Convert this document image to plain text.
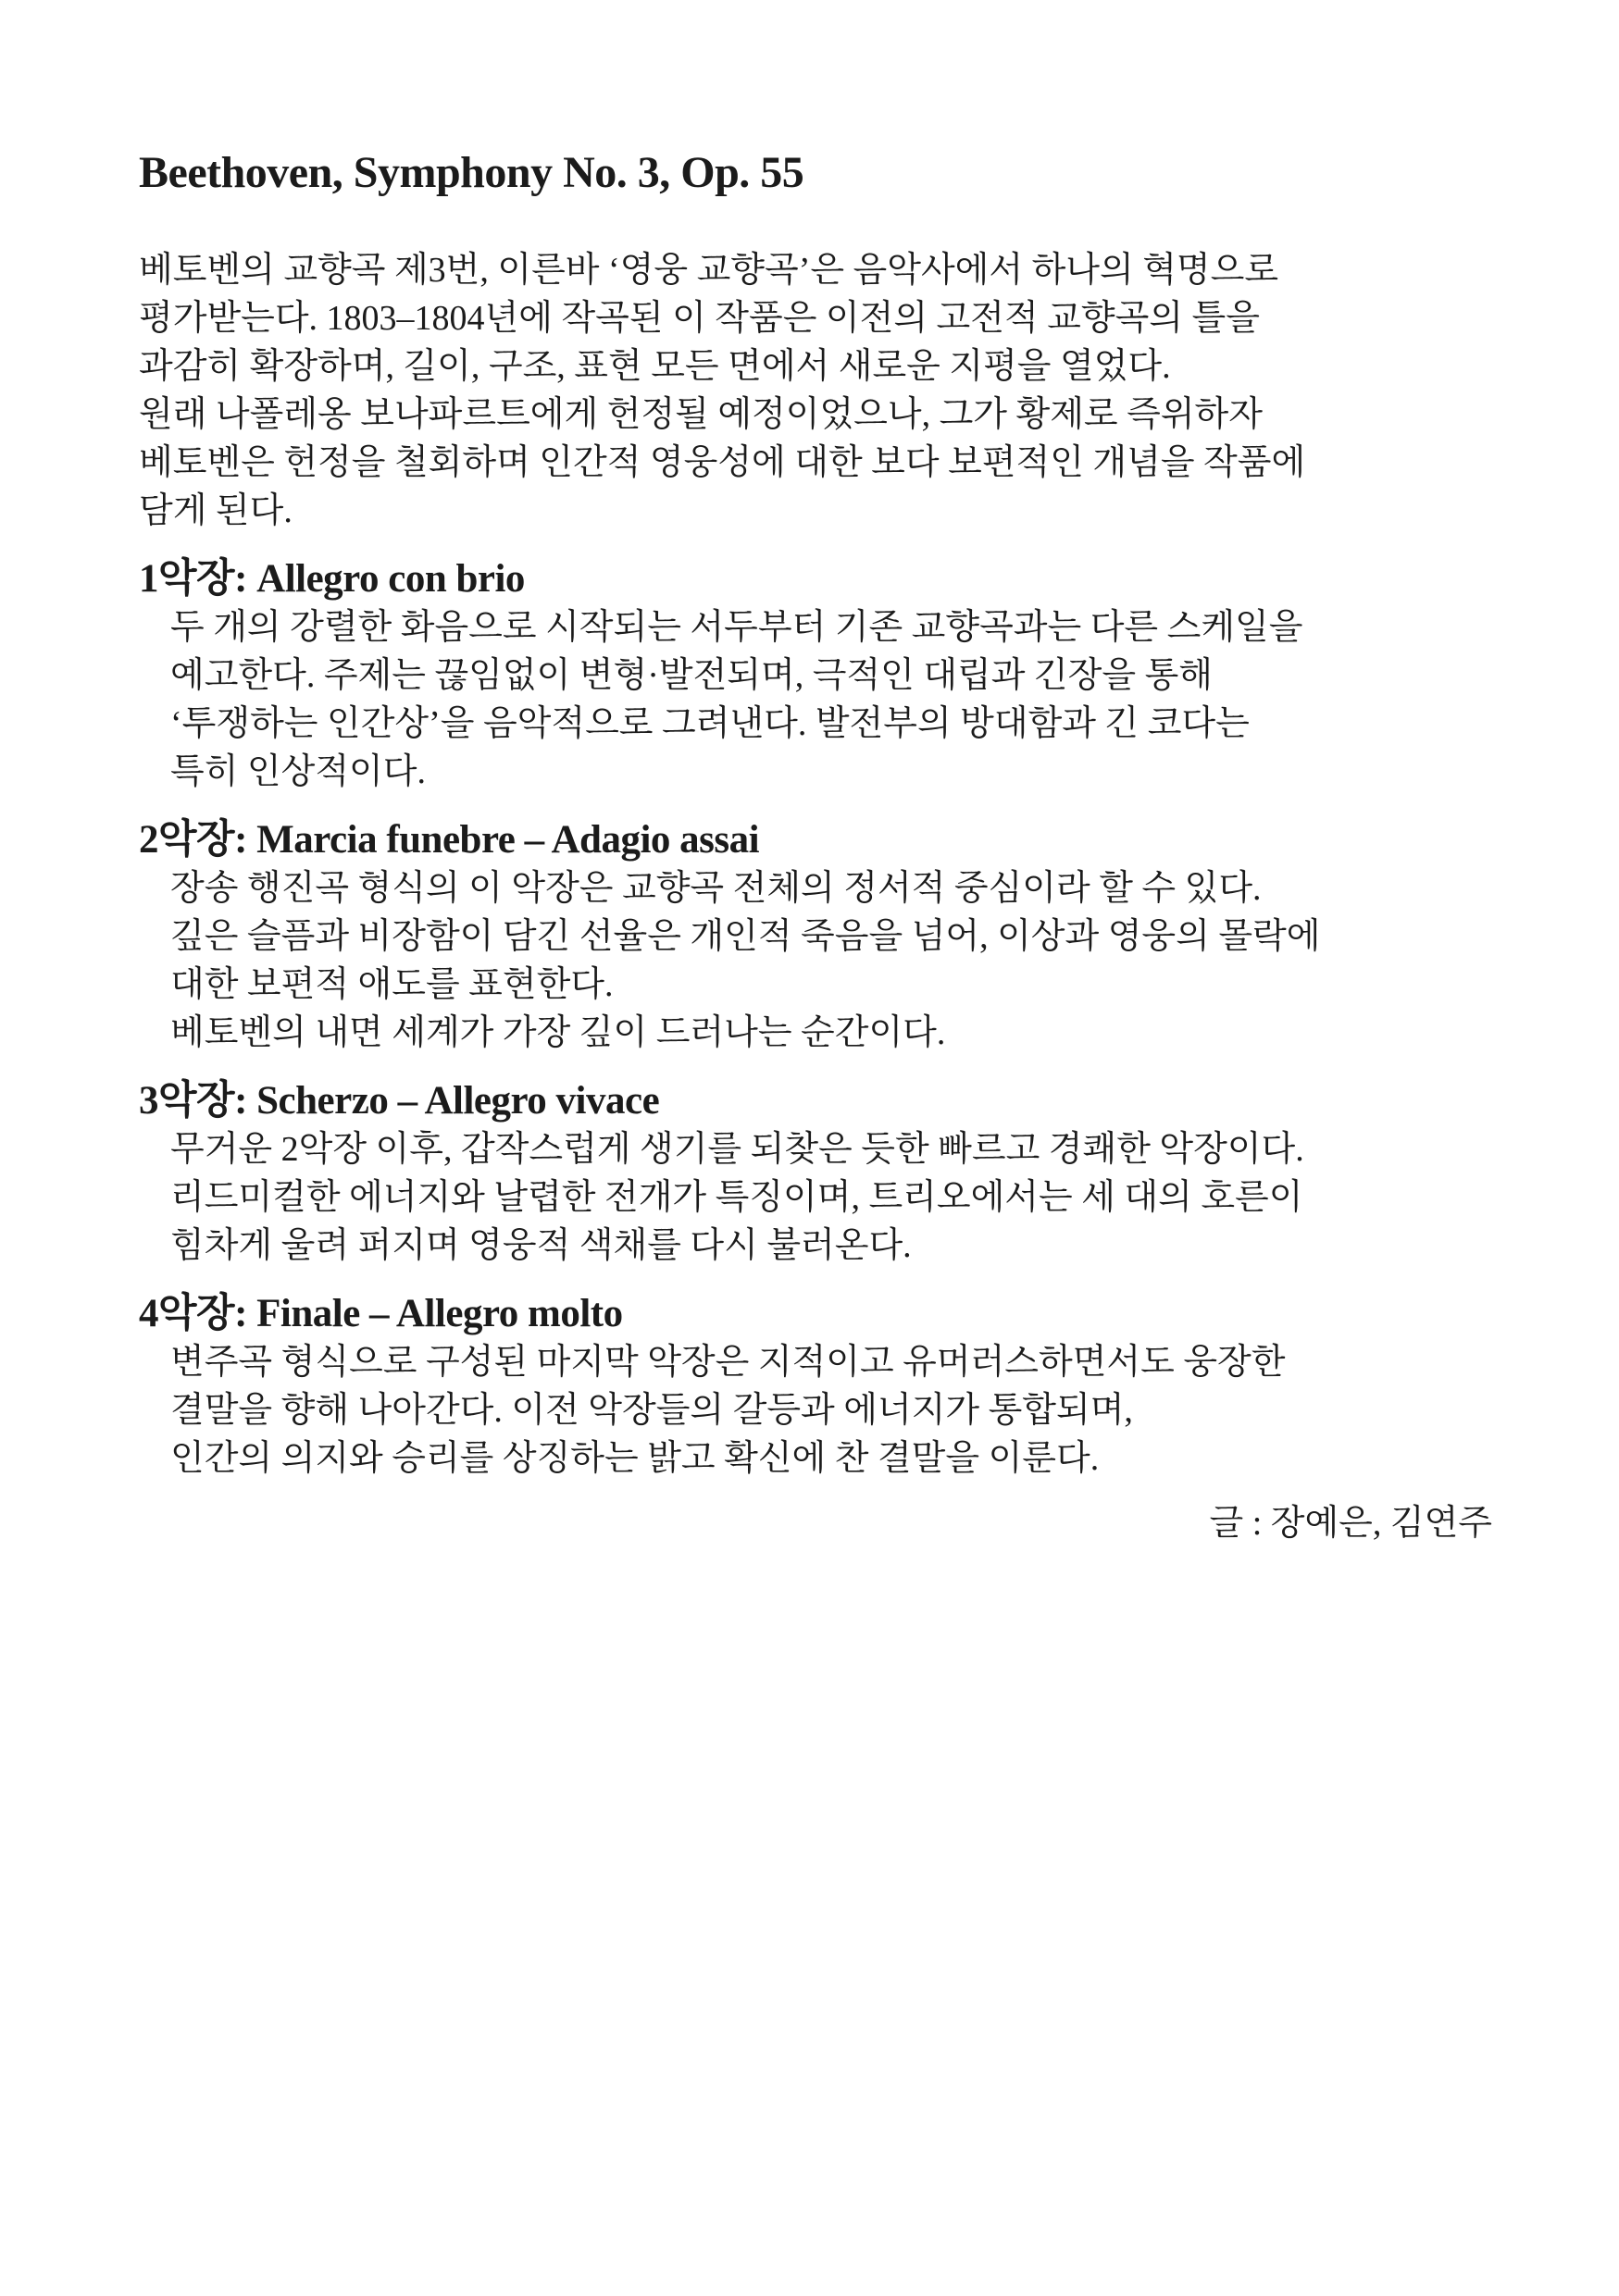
Beethoven, Symphony No. 3, Op. 55

베토벤의 교향곡 제3번, 이른바 ‘영웅 교향곡’은 음악사에서 하나의 혁명으로
평가받는다. 1803–1804년에 작곡된 이 작품은 이전의 고전적 교향곡의 틀을
과감히 확장하며, 길이, 구조, 표현 모든 면에서 새로운 지평을 열었다.
원래 나폴레옹 보나파르트에게 헌정될 예정이었으나, 그가 황제로 즉위하자
베토벤은 헌정을 철회하며 인간적 영웅성에 대한 보다 보편적인 개념을 작품에
담게 된다.

1악장: Allegro con brio

두 개의 강렬한 화음으로 시작되는 서두부터 기존 교향곡과는 다른 스케일을
예고한다. 주제는 끊임없이 변형·발전되며, 극적인 대립과 긴장을 통해
‘투쟁하는 인간상’을 음악적으로 그려낸다. 발전부의 방대함과 긴 코다는
특히 인상적이다.

2악장: Marcia funebre – Adagio assai

장송 행진곡 형식의 이 악장은 교향곡 전체의 정서적 중심이라 할 수 있다.
깊은 슬픔과 비장함이 담긴 선율은 개인적 죽음을 넘어, 이상과 영웅의 몰락에
대한 보편적 애도를 표현한다.
베토벤의 내면 세계가 가장 깊이 드러나는 순간이다.

3악장: Scherzo – Allegro vivace

무거운 2악장 이후, 갑작스럽게 생기를 되찾은 듯한 빠르고 경쾌한 악장이다.
리드미컬한 에너지와 날렵한 전개가 특징이며, 트리오에서는 세 대의 호른이
힘차게 울려 퍼지며 영웅적 색채를 다시 불러온다.

4악장: Finale – Allegro molto

변주곡 형식으로 구성된 마지막 악장은 지적이고 유머러스하면서도 웅장한
결말을 향해 나아간다. 이전 악장들의 갈등과 에너지가 통합되며,
인간의 의지와 승리를 상징하는 밝고 확신에 찬 결말을 이룬다.

글 : 장예은, 김연주
